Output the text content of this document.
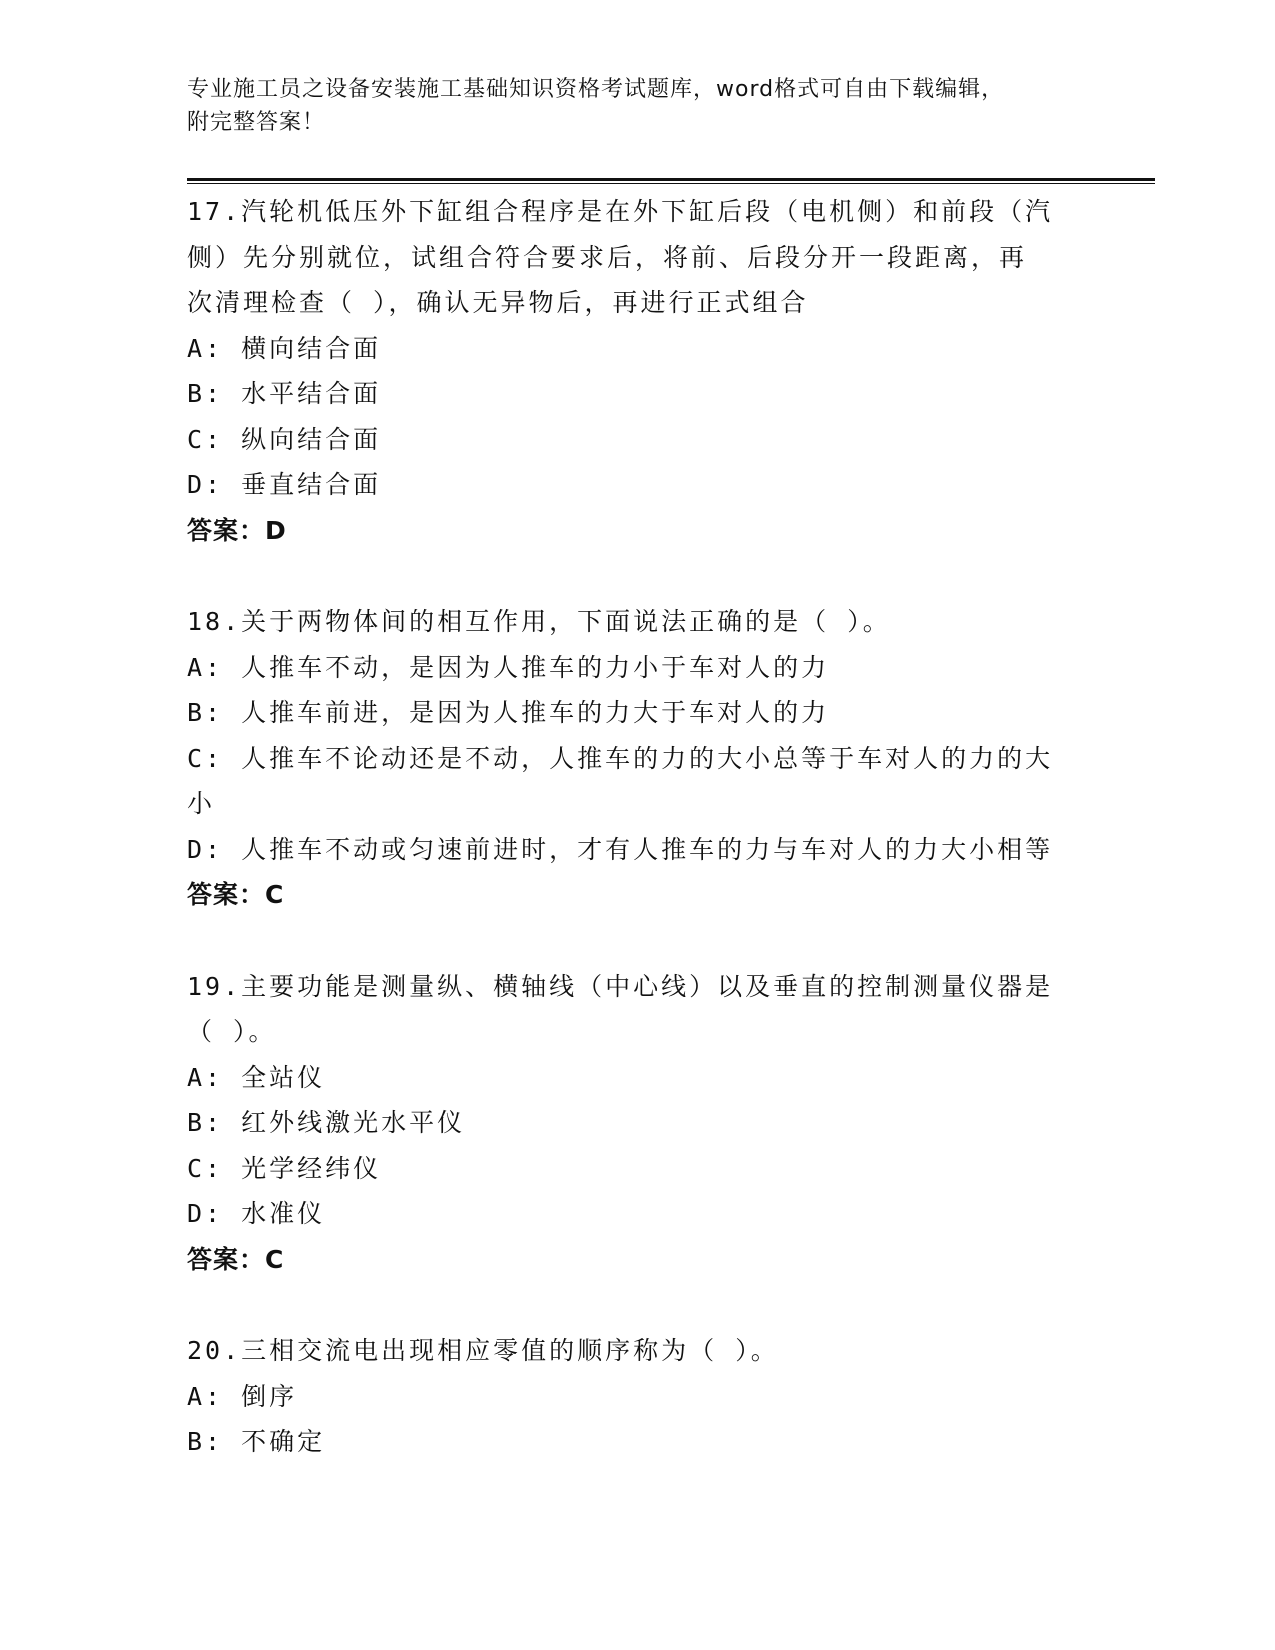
专业施工员之设备安装施工基础知识资格考试题库，word格式可自由下载编辑，
附完整答案！
17.汽轮机低压外下缸组合程序是在外下缸后段（电机侧）和前段（汽
侧）先分别就位，试组合符合要求后，将前、后段分开一段距离，再
次清理检查（ ），确认无异物后，再进行正式组合
A: 横向结合面
B: 水平结合面
C: 纵向结合面
D: 垂直结合面
答案：D
18.关于两物体间的相互作用，下面说法正确的是（ ）。
A: 人推车不动，是因为人推车的力小于车对人的力
B: 人推车前进，是因为人推车的力大于车对人的力
C: 人推车不论动还是不动，人推车的力的大小总等于车对人的力的大
小
D: 人推车不动或匀速前进时，才有人推车的力与车对人的力大小相等
答案：C
19.主要功能是测量纵、横轴线（中心线）以及垂直的控制测量仪器是
（ ）。
A: 全站仪
B: 红外线激光水平仪
C: 光学经纬仪
D: 水准仪
答案：C
20.三相交流电出现相应零值的顺序称为（ ）。
A: 倒序
B: 不确定
